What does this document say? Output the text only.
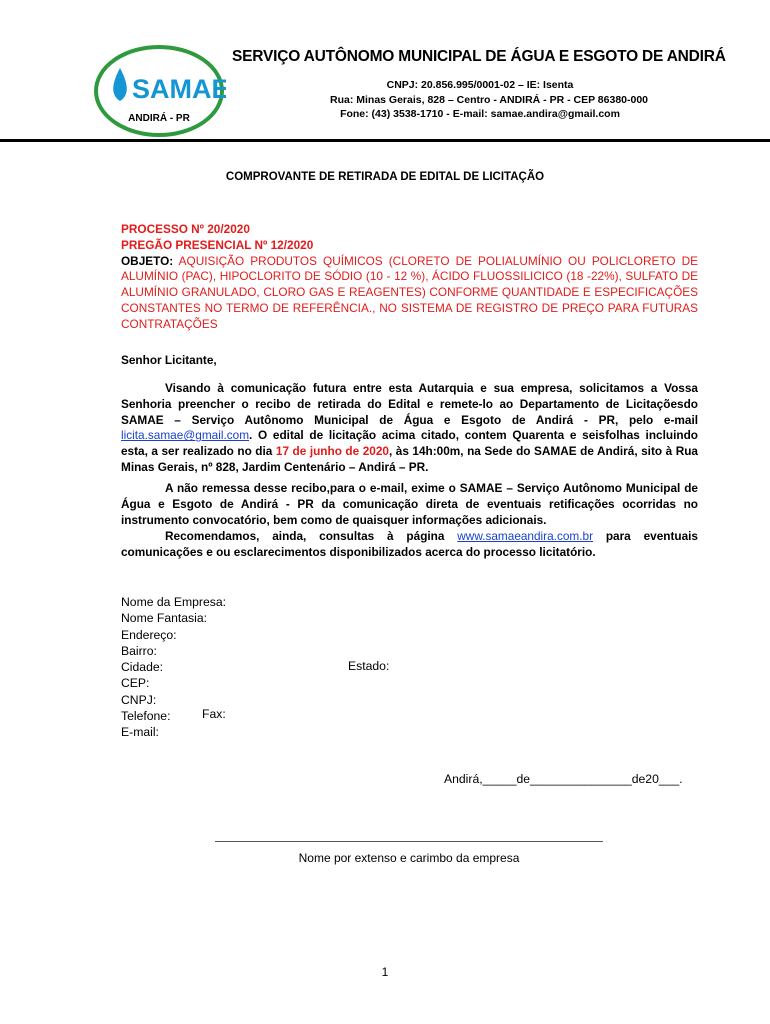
SAMAE
ANDIRÁ - PR
SERVIÇO AUTÔNOMO MUNICIPAL DE ÁGUA E ESGOTO DE ANDIRÁ
CNPJ: 20.856.995/0001-02 – IE: Isenta
Rua: Minas Gerais, 828 – Centro - ANDIRÁ - PR - CEP 86380-000
Fone: (43) 3538-1710 - E-mail: samae.andira@gmail.com
COMPROVANTE DE RETIRADA DE EDITAL DE LICITAÇÃO
PROCESSO Nº 20/2020
PREGÃO PRESENCIAL Nº 12/2020
OBJETO: AQUISIÇÃO PRODUTOS QUÍMICOS (CLORETO DE POLIALUMÍNIO OU POLICLORETO DE ALUMÍNIO (PAC), HIPOCLORITO DE SÓDIO (10 - 12 %), ÁCIDO FLUOSSILICICO (18 -22%), SULFATO DE ALUMÍNIO GRANULADO, CLORO GAS E REAGENTES) CONFORME QUANTIDADE E ESPECIFICAÇÕES CONSTANTES NO TERMO DE REFERÊNCIA., NO SISTEMA DE REGISTRO DE PREÇO PARA FUTURAS CONTRATAÇÕES
Senhor Licitante,
Visando à comunicação futura entre esta Autarquia e sua empresa, solicitamos a Vossa Senhoria preencher o recibo de retirada do Edital e remete-lo ao Departamento de Licitaçõesdo SAMAE – Serviço Autônomo Municipal de Água e Esgoto de Andirá - PR, pelo e-mail licita.samae@gmail.com. O edital de licitação acima citado, contem Quarenta e seisfolhas incluindo esta, a ser realizado no dia 17 de junho de 2020, às 14h:00m, na Sede do SAMAE de Andirá, sito à Rua Minas Gerais, nº 828, Jardim Centenário – Andirá – PR.
A não remessa desse recibo,para o e-mail, exime o SAMAE – Serviço Autônomo Municipal de Água e Esgoto de Andirá - PR da comunicação direta de eventuais retificações ocorridas no instrumento convocatório, bem como de quaisquer informações adicionais.
Recomendamos, ainda, consultas à página www.samaeandira.com.br para eventuais comunicações e ou esclarecimentos disponibilizados acerca do processo licitatório.
Nome da Empresa:
Nome Fantasia:
Endereço:
Bairro:
Cidade:
CEP:
CNPJ:
Telefone:
E-mail:
Estado:
Fax:
Andirá,_____de_______________de20___.
Nome por extenso e carimbo da empresa
1
